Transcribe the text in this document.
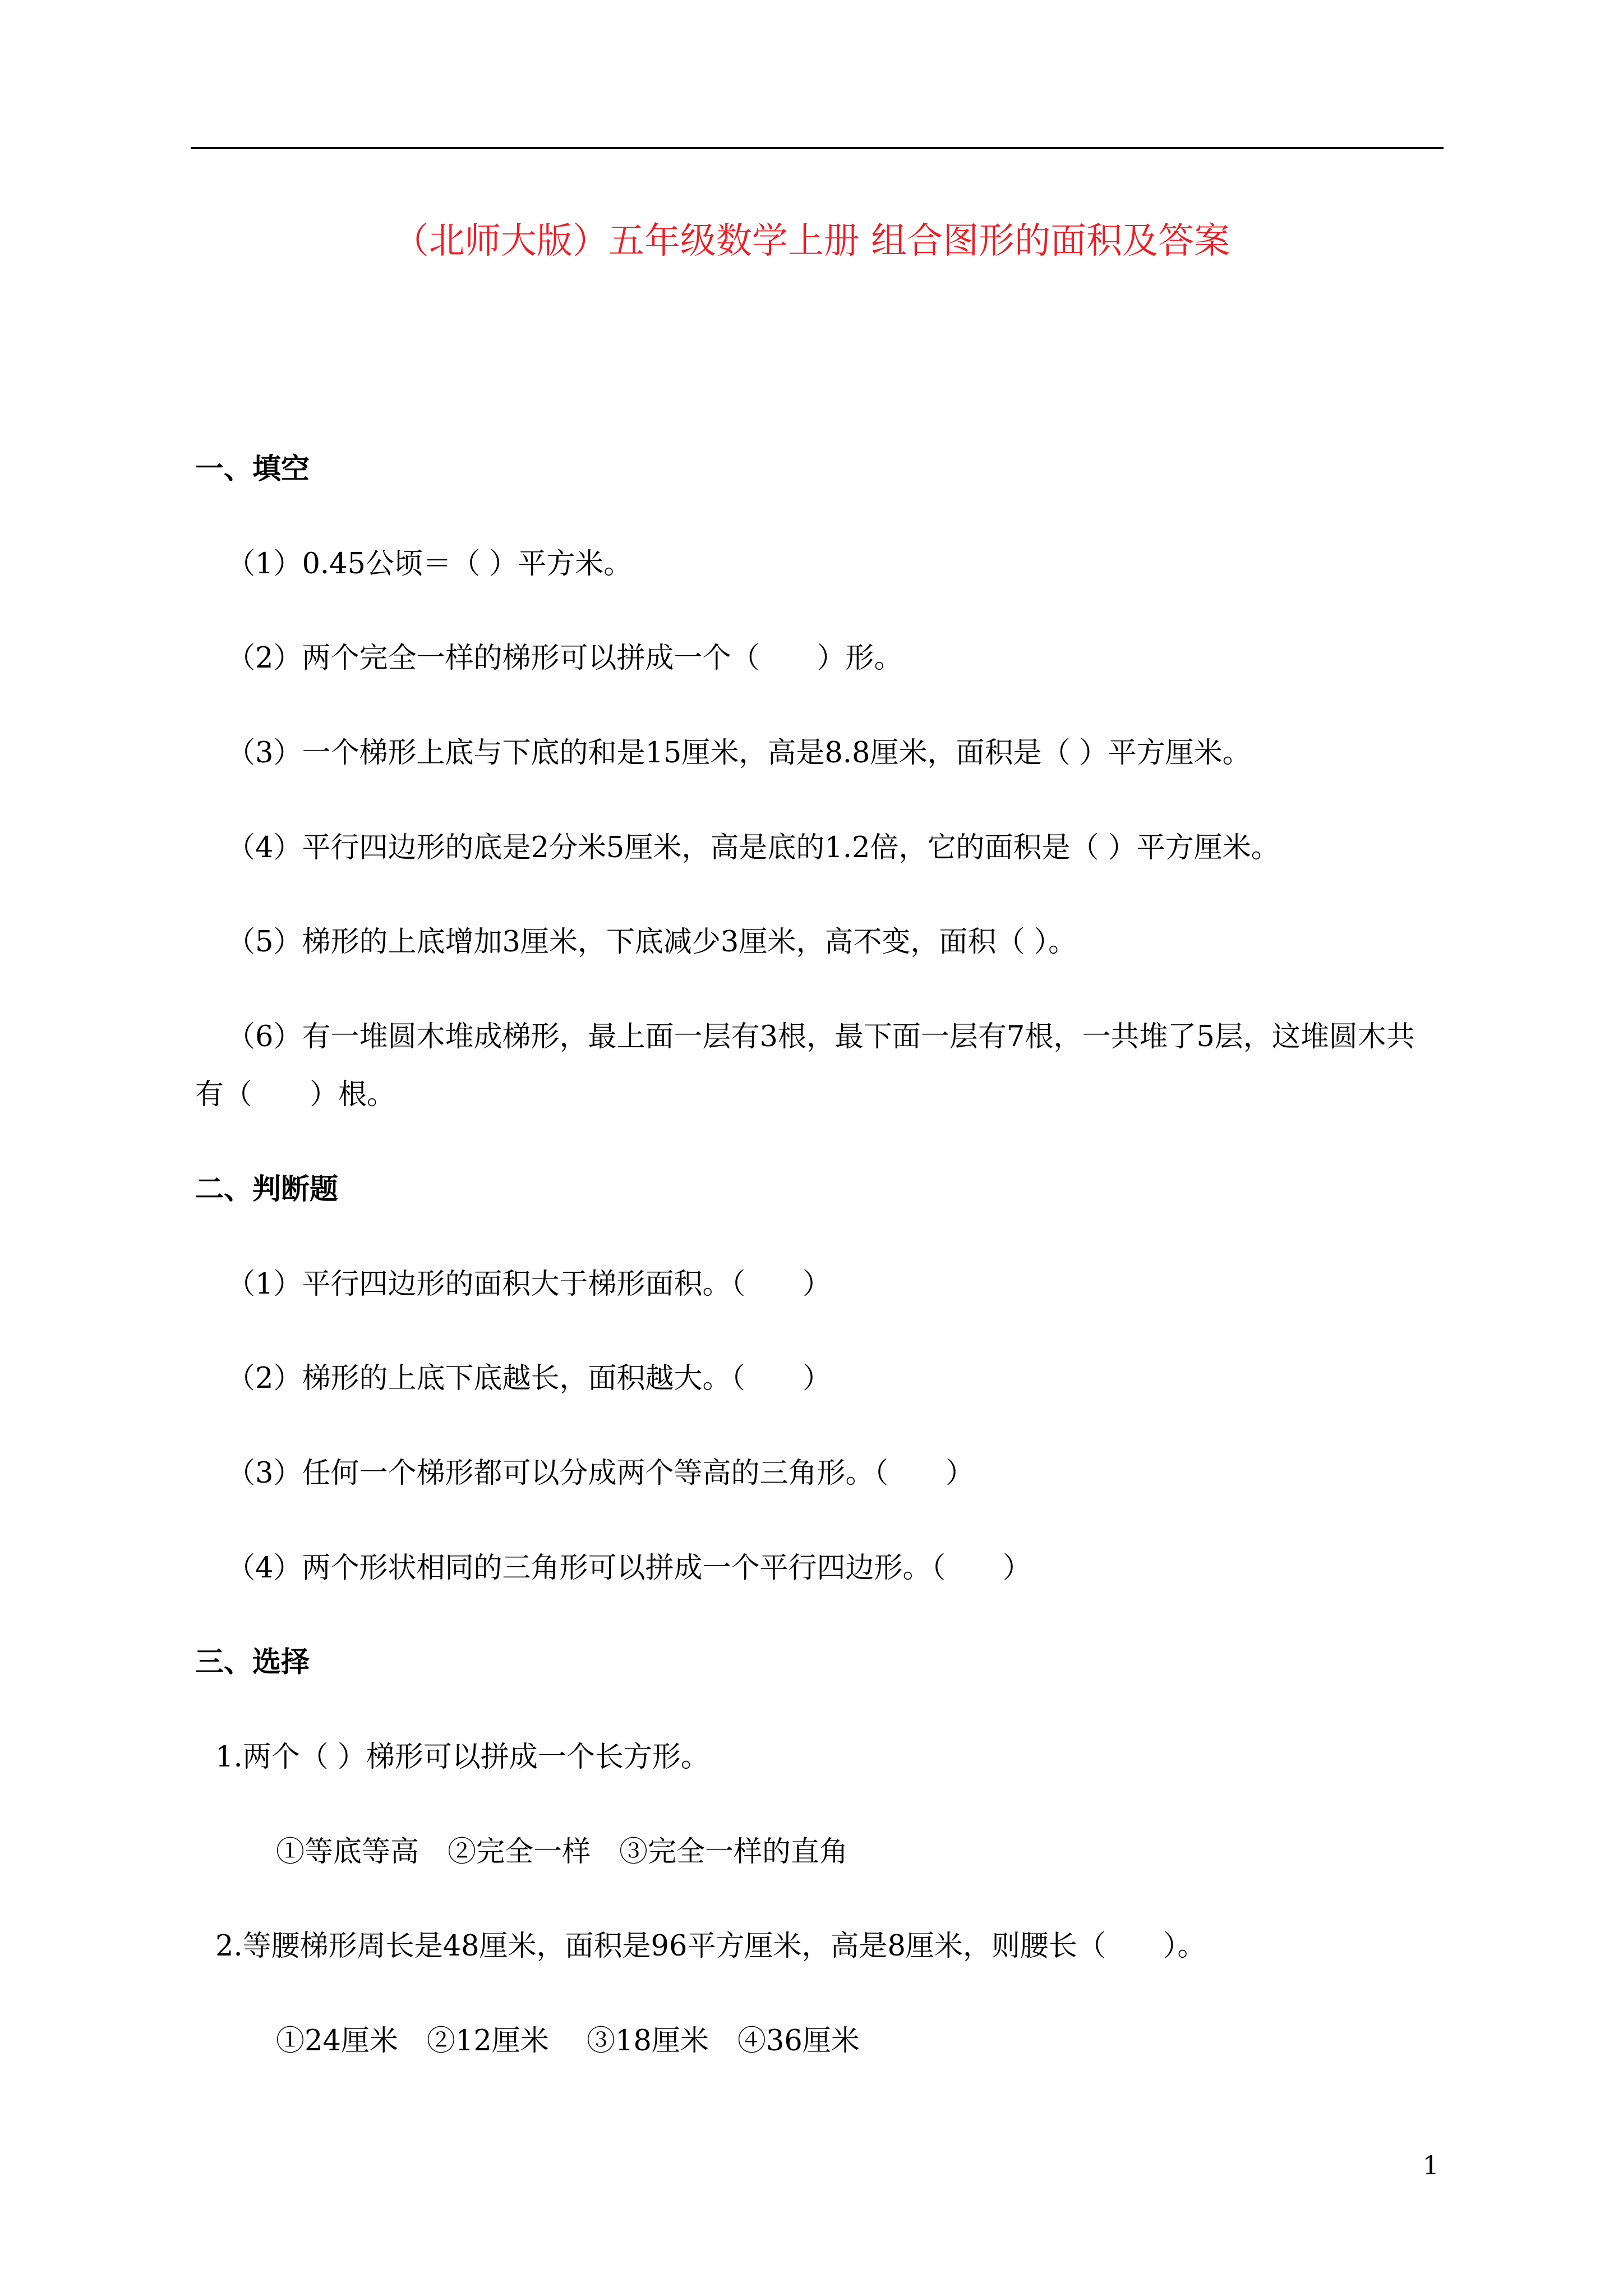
（北师大版）五年级数学上册 组合图形的面积及答案
一、填空
（1）0.45公顷＝（ ）平方米。
（2）两个完全一样的梯形可以拼成一个（　　）形。
（3）一个梯形上底与下底的和是15厘米，高是8.8厘米，面积是（ ）平方厘米。
（4）平行四边形的底是2分米5厘米，高是底的1.2倍，它的面积是（ ）平方厘米。
（5）梯形的上底增加3厘米，下底减少3厘米，高不变，面积（ ）。
（6）有一堆圆木堆成梯形，最上面一层有3根，最下面一层有7根，一共堆了5层，这堆圆木共
有（　　）根。
二、判断题
（1）平行四边形的面积大于梯形面积。（　　）
（2）梯形的上底下底越长，面积越大。（　　）
（3）任何一个梯形都可以分成两个等高的三角形。（　　）
（4）两个形状相同的三角形可以拼成一个平行四边形。（　　）
三、选择
1.两个（ ）梯形可以拼成一个长方形。
①等底等高　②完全一样　③完全一样的直角
2.等腰梯形周长是48厘米，面积是96平方厘米，高是8厘米，则腰长（　　）。
①24厘米　②12厘米　 ③18厘米　④36厘米
1
